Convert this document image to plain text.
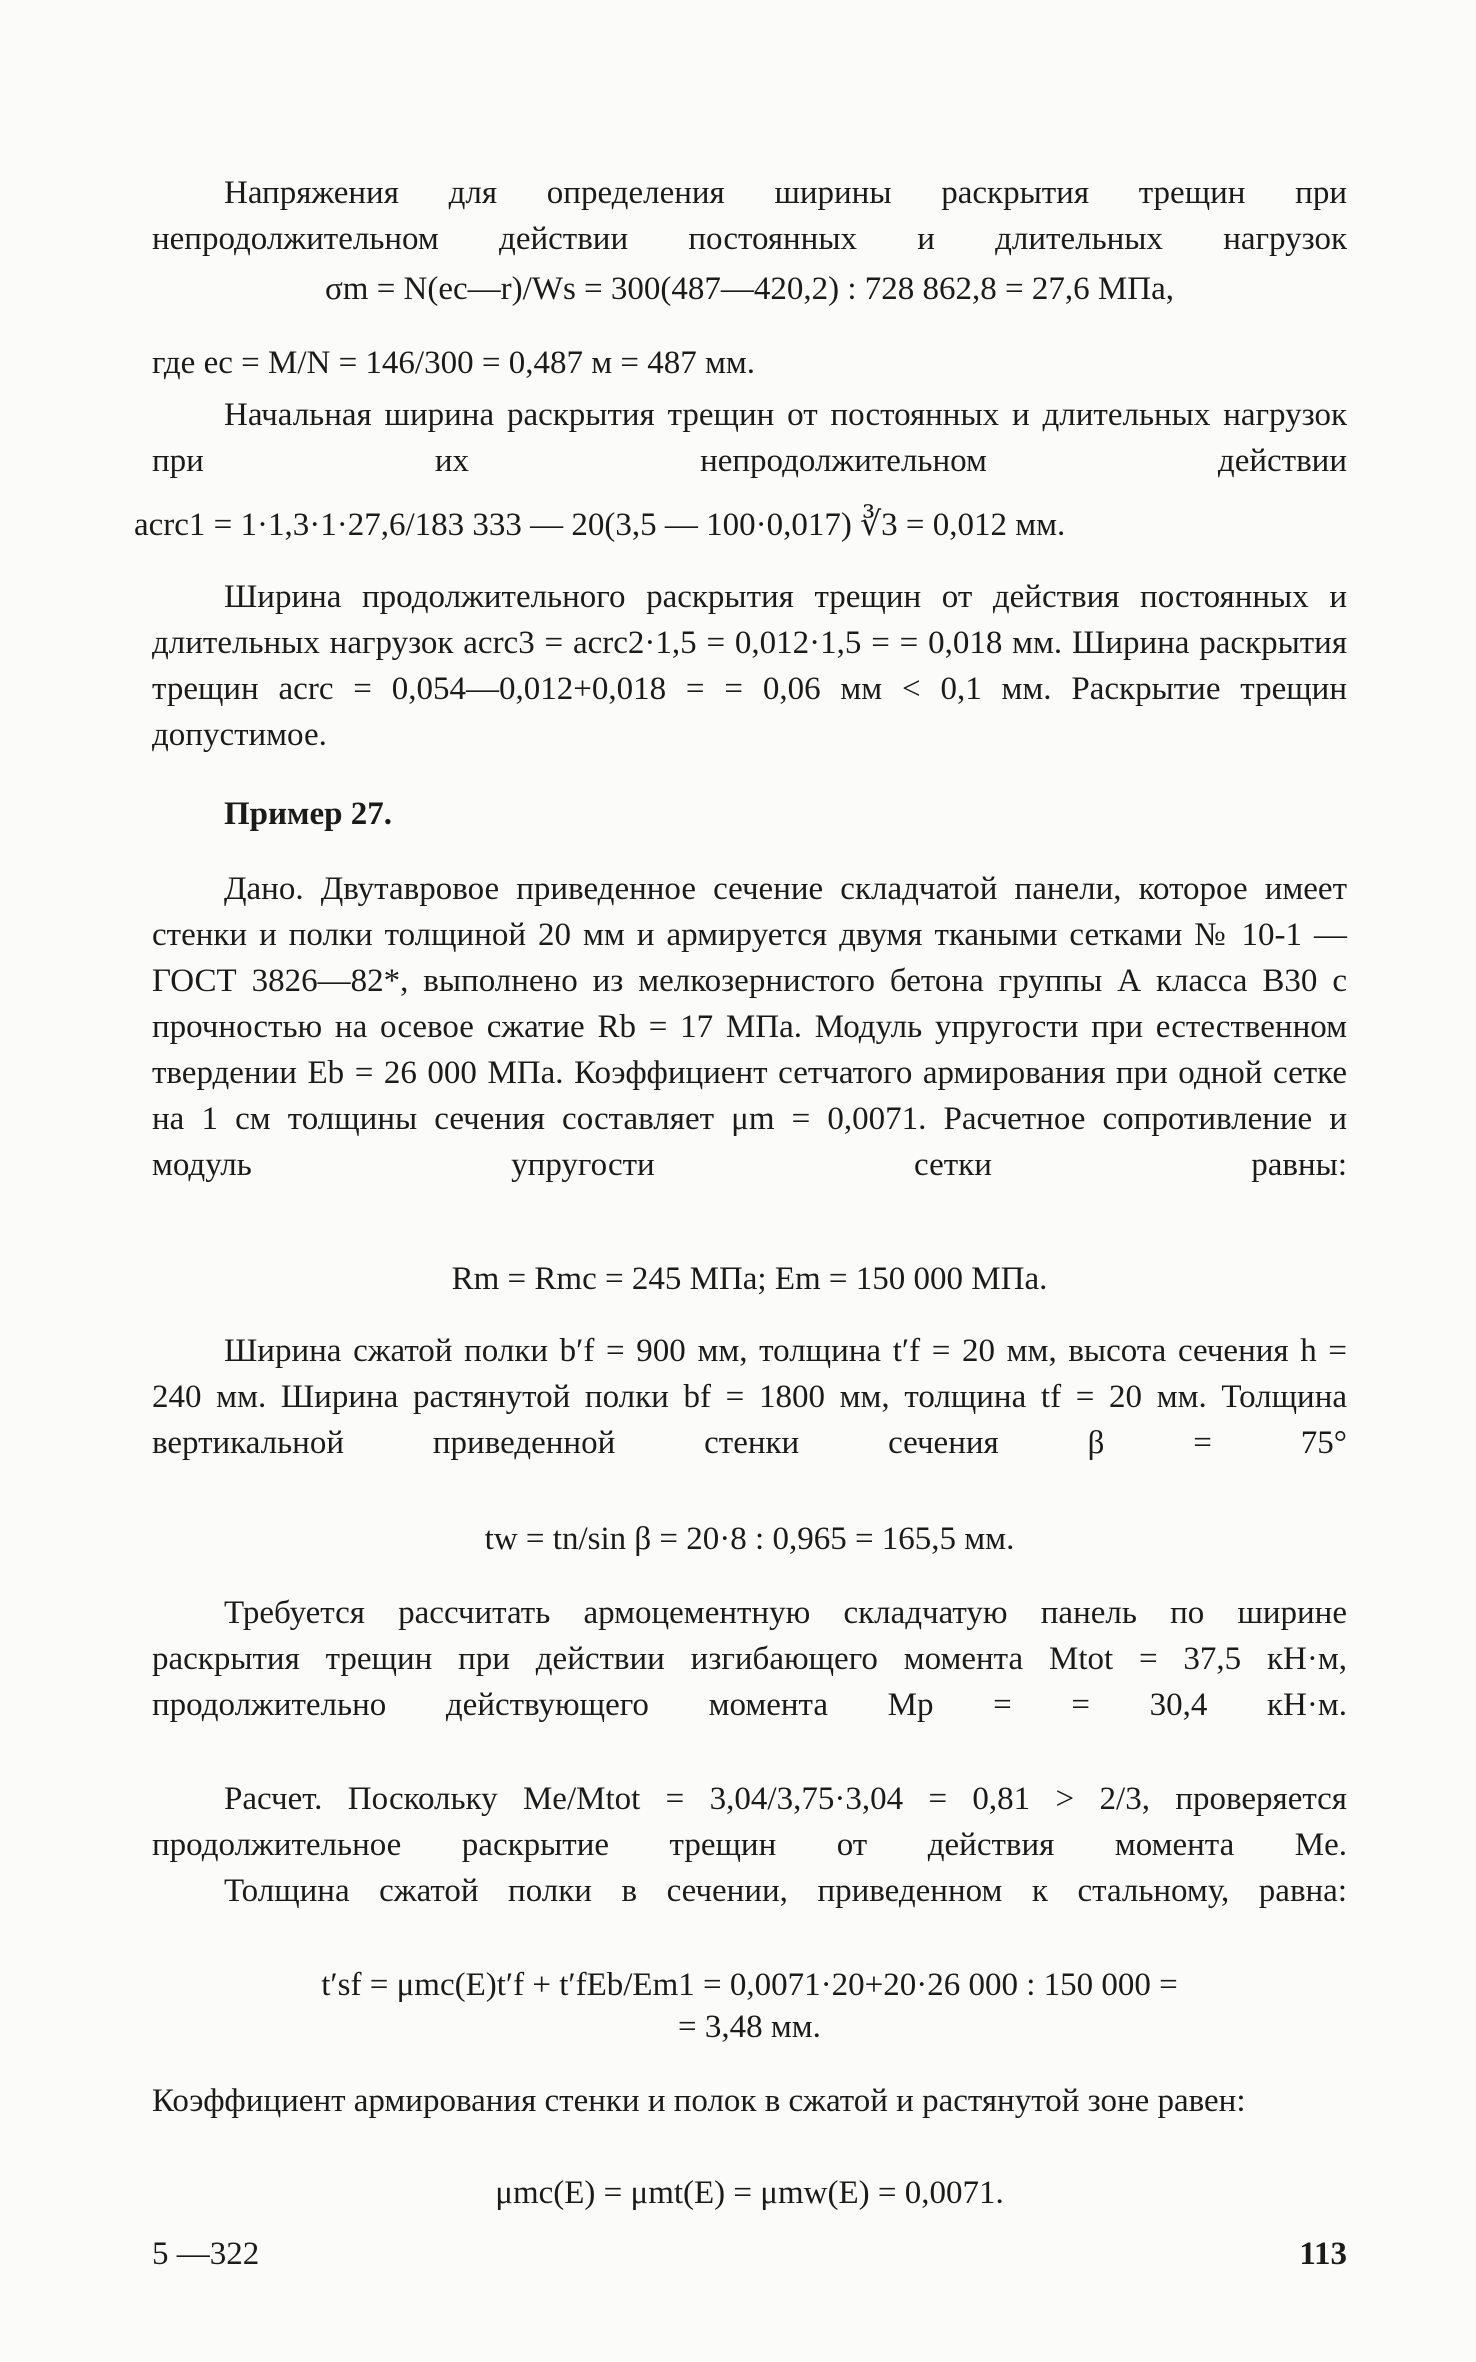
Напряжения для определения ширины раскрытия трещин при непродолжительном действии постоянных и длительных нагрузок

σm = N(ec—r)/Ws = 300(487—420,2) : 728 862,8 = 27,6 МПа,

где ec = M/N = 146/300 = 0,487 м = 487 мм.

Начальная ширина раскрытия трещин от постоянных и длительных нагрузок при их непродолжительном действии

acrc1 = 1·1,3·1·27,6/183 333 — 20(3,5 — 100·0,017) ∛3 = 0,012 мм.

Ширина продолжительного раскрытия трещин от действия постоянных и длительных нагрузок acrc3 = acrc2·1,5 = 0,012·1,5 = = 0,018 мм. Ширина раскрытия трещин acrc = 0,054—0,012+0,018 = = 0,06 мм < 0,1 мм. Раскрытие трещин допустимое.

Пример 27.

Дано. Двутавровое приведенное сечение складчатой панели, которое имеет стенки и полки толщиной 20 мм и армируется двумя ткаными сетками № 10-1 — ГОСТ 3826—82*, выполнено из мелкозернистого бетона группы А класса В30 с прочностью на осевое сжатие Rb = 17 МПа. Модуль упругости при естественном твердении Eb = 26 000 МПа. Коэффициент сетчатого армирования при одной сетке на 1 см толщины сечения составляет μm = 0,0071. Расчетное сопротивление и модуль упругости сетки равны:

Rm = Rmc = 245 МПа; Em = 150 000 МПа.

Ширина сжатой полки b′f = 900 мм, толщина t′f = 20 мм, высота сечения h = 240 мм. Ширина растянутой полки bf = 1800 мм, толщина tf = 20 мм. Толщина вертикальной приведенной стенки сечения β = 75°

tw = tn/sin β = 20·8 : 0,965 = 165,5 мм.

Требуется рассчитать армоцементную складчатую панель по ширине раскрытия трещин при действии изгибающего момента Mtot = 37,5 кН·м, продолжительно действующего момента Mp = = 30,4 кН·м.

Расчет. Поскольку Me/Mtot = 3,04/3,75·3,04 = 0,81 > 2/3, проверяется продолжительное раскрытие трещин от действия момента Me.

Толщина сжатой полки в сечении, приведенном к стальному, равна:

t′sf = μmc(E)t′f + t′fEb/Em1 = 0,0071·20+20·26 000 : 150 000 =

= 3,48 мм.

Коэффициент армирования стенки и полок в сжатой и растянутой зоне равен:

μmc(E) = μmt(E) = μmw(E) = 0,0071.

5 —322	113
